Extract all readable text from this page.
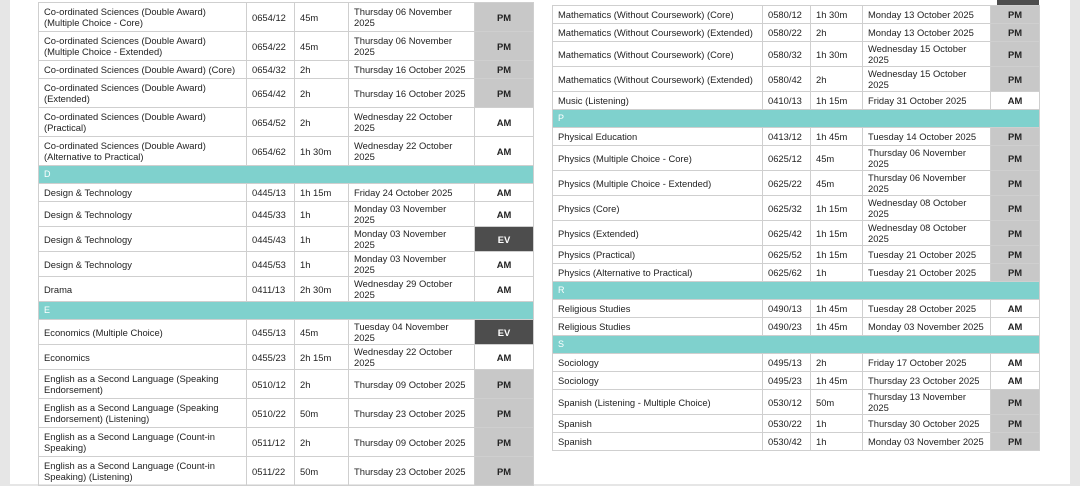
Co-ordinated Sciences (Double Award) (Multiple Choice - Core)	0654/12	45m	Thursday 06 November 2025	PM
Co-ordinated Sciences (Double Award) (Multiple Choice - Extended)	0654/22	45m	Thursday 06 November 2025	PM
Co-ordinated Sciences (Double Award) (Core)	0654/32	2h	Thursday 16 October 2025	PM
Co-ordinated Sciences (Double Award) (Extended)	0654/42	2h	Thursday 16 October 2025	PM
Co-ordinated Sciences (Double Award) (Practical)	0654/52	2h	Wednesday 22 October 2025	AM
Co-ordinated Sciences (Double Award) (Alternative to Practical)	0654/62	1h 30m	Wednesday 22 October 2025	AM
D				
Design & Technology	0445/13	1h 15m	Friday 24 October 2025	AM
Design & Technology	0445/33	1h	Monday 03 November 2025	AM
Design & Technology	0445/43	1h	Monday 03 November 2025	EV
Design & Technology	0445/53	1h	Monday 03 November 2025	AM
Drama	0411/13	2h 30m	Wednesday 29 October 2025	AM
E				
Economics (Multiple Choice)	0455/13	45m	Tuesday 04 November 2025	EV
Economics	0455/23	2h 15m	Wednesday 22 October 2025	AM
English as a Second Language (Speaking Endorsement)	0510/12	2h	Thursday 09 October 2025	PM
English as a Second Language (Speaking Endorsement) (Listening)	0510/22	50m	Thursday 23 October 2025	PM
English as a Second Language (Count-in Speaking)	0511/12	2h	Thursday 09 October 2025	PM
English as a Second Language (Count-in Speaking) (Listening)	0511/22	50m	Thursday 23 October 2025	PM
Mathematics (Without Coursework) (Core)	0580/12	1h 30m	Monday 13 October 2025	PM
Mathematics (Without Coursework) (Extended)	0580/22	2h	Monday 13 October 2025	PM
Mathematics (Without Coursework) (Core)	0580/32	1h 30m	Wednesday 15 October 2025	PM
Mathematics (Without Coursework) (Extended)	0580/42	2h	Wednesday 15 October 2025	PM
Music (Listening)	0410/13	1h 15m	Friday 31 October 2025	AM
P				
Physical Education	0413/12	1h 45m	Tuesday 14 October 2025	PM
Physics (Multiple Choice - Core)	0625/12	45m	Thursday 06 November 2025	PM
Physics (Multiple Choice - Extended)	0625/22	45m	Thursday 06 November 2025	PM
Physics (Core)	0625/32	1h 15m	Wednesday 08 October 2025	PM
Physics (Extended)	0625/42	1h 15m	Wednesday 08 October 2025	PM
Physics (Practical)	0625/52	1h 15m	Tuesday 21 October 2025	PM
Physics (Alternative to Practical)	0625/62	1h	Tuesday 21 October 2025	PM
R				
Religious Studies	0490/13	1h 45m	Tuesday 28 October 2025	AM
Religious Studies	0490/23	1h 45m	Monday 03 November 2025	AM
S				
Sociology	0495/13	2h	Friday 17 October 2025	AM
Sociology	0495/23	1h 45m	Thursday 23 October 2025	AM
Spanish (Listening - Multiple Choice)	0530/12	50m	Thursday 13 November 2025	PM
Spanish	0530/22	1h	Thursday 30 October 2025	PM
Spanish	0530/42	1h	Monday 03 November 2025	PM
